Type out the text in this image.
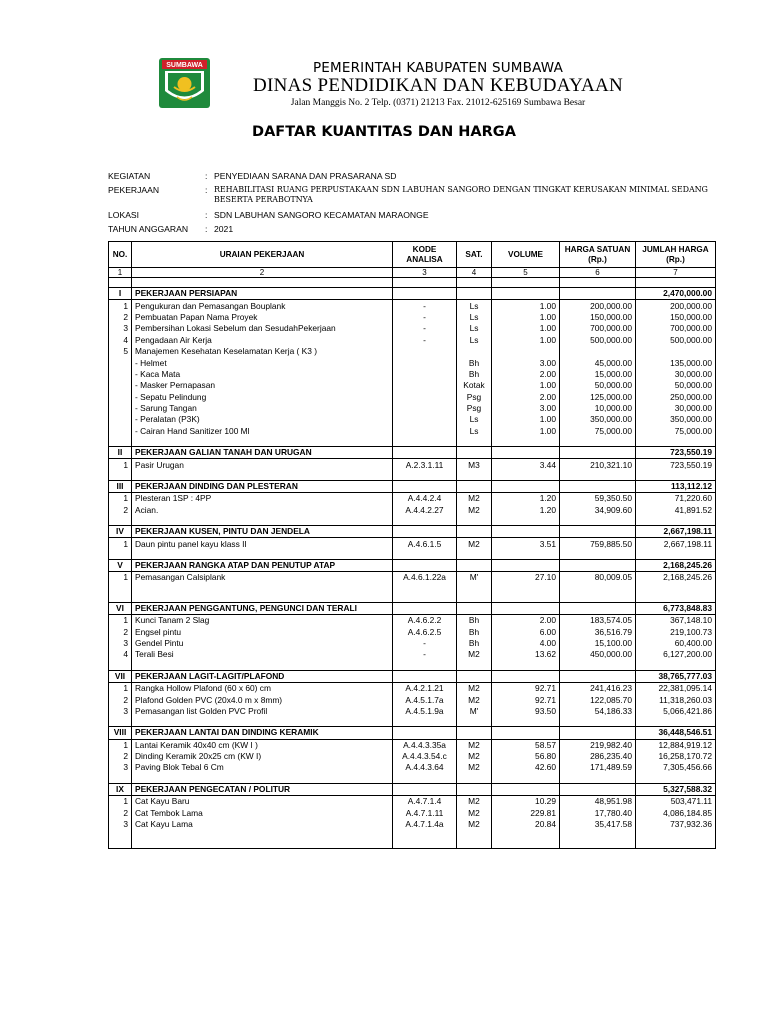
SUMBAWA	PEMERINTAH KABUPATEN SUMBAWA
DINAS PENDIDIKAN DAN KEBUDAYAAN
Jalan Manggis No. 2 Telp. (0371) 21213 Fax. 21012-625169 Sumbawa Besar
DAFTAR KUANTITAS DAN HARGA
KEGIATAN	: PENYEDIAAN SARANA DAN PRASARANA SD
PEKERJAAN	: REHABILITASI RUANG PERPUSTAKAAN SDN LABUHAN SANGORO DENGAN TINGKAT KERUSAKAN MINIMAL SEDANG BESERTA PERABOTNYA
LOKASI	: SDN LABUHAN SANGORO KECAMATAN MARAONGE
TAHUN ANGGARAN : 2021
NO.	URAIAN PEKERJAAN	KODE ANALISA	SAT.	VOLUME	HARGA SATUAN (Rp.)	JUMLAH HARGA (Rp.)
1	2	3	4	5	6	7

I	PEKERJAAN PERSIAPAN					2,470,000.00
1	Pengukuran dan Pemasangan Bouplank	-	Ls	1.00	200,000.00	200,000.00
2	Pembuatan Papan Nama Proyek	-	Ls	1.00	150,000.00	150,000.00
3	Pembersihan Lokasi Sebelum dan SesudahPekerjaan	-	Ls	1.00	700,000.00	700,000.00
4	Pengadaan Air Kerja	-	Ls	1.00	500,000.00	500,000.00
5	Manajemen Kesehatan Keselamatan Kerja ( K3 )					
	- Helmet		Bh	3.00	45,000.00	135,000.00
	- Kaca Mata		Bh	2.00	15,000.00	30,000.00
	- Masker Pernapasan		Kotak	1.00	50,000.00	50,000.00
	- Sepatu Pelindung		Psg	2.00	125,000.00	250,000.00
	- Sarung Tangan		Psg	3.00	10,000.00	30,000.00
	- Peralatan (P3K)		Ls	1.00	350,000.00	350,000.00
	- Cairan Hand Sanitizer 100 Ml		Ls	1.00	75,000.00	75,000.00

II	PEKERJAAN GALIAN TANAH DAN URUGAN					723,550.19
1	Pasir Urugan	A.2.3.1.11	M3	3.44	210,321.10	723,550.19

III	PEKERJAAN DINDING DAN PLESTERAN					113,112.12
1	Plesteran 1SP : 4PP	A.4.4.2.4	M2	1.20	59,350.50	71,220.60
2	Acian.	A.4.4.2.27	M2	1.20	34,909.60	41,891.52

IV	PEKERJAAN KUSEN, PINTU DAN JENDELA					2,667,198.11
1	Daun pintu panel kayu klass II	A.4.6.1.5	M2	3.51	759,885.50	2,667,198.11

V	PEKERJAAN RANGKA ATAP DAN PENUTUP ATAP					2,168,245.26
1	Pemasangan Calsiplank	A.4.6.1.22a	M'	27.10	80,009.05	2,168,245.26

VI	PEKERJAAN PENGGANTUNG, PENGUNCI DAN TERALI					6,773,848.83
1	Kunci Tanam 2 Slag	A.4.6.2.2	Bh	2.00	183,574.05	367,148.10
2	Engsel pintu	A.4.6.2.5	Bh	6.00	36,516.79	219,100.73
3	Gendel Pintu	-	Bh	4.00	15,100.00	60,400.00
4	Terali Besi	-	M2	13.62	450,000.00	6,127,200.00

VII	PEKERJAAN LAGIT-LAGIT/PLAFOND					38,765,777.03
1	Rangka Hollow Plafond (60 x 60) cm	A.4.2.1.21	M2	92.71	241,416.23	22,381,095.14
2	Plafond Golden PVC (20x4.0 m x 8mm)	A.4.5.1.7a	M2	92.71	122,085.70	11,318,260.03
3	Pemasangan list Golden PVC Profil	A.4.5.1.9a	M'	93.50	54,186.33	5,066,421.86

VIII	PEKERJAAN LANTAI DAN DINDING KERAMIK					36,448,546.51
1	Lantai Keramik 40x40 cm (KW I )	A.4.4.3.35a	M2	58.57	219,982.40	12,884,919.12
2	Dinding Keramik 20x25 cm (KW I)	A.4.4.3.54.c	M2	56.80	286,235.40	16,258,170.72
3	Paving Blok Tebal 6 Cm	A.4.4.3.64	M2	42.60	171,489.59	7,305,456.66

IX	PEKERJAAN PENGECATAN / POLITUR					5,327,588.32
1	Cat Kayu Baru	A.4.7.1.4	M2	10.29	48,951.98	503,471.11
2	Cat Tembok Lama	A.4.7.1.11	M2	229.81	17,780.40	4,086,184.85
3	Cat Kayu Lama	A.4.7.1.4a	M2	20.84	35,417.58	737,932.36
